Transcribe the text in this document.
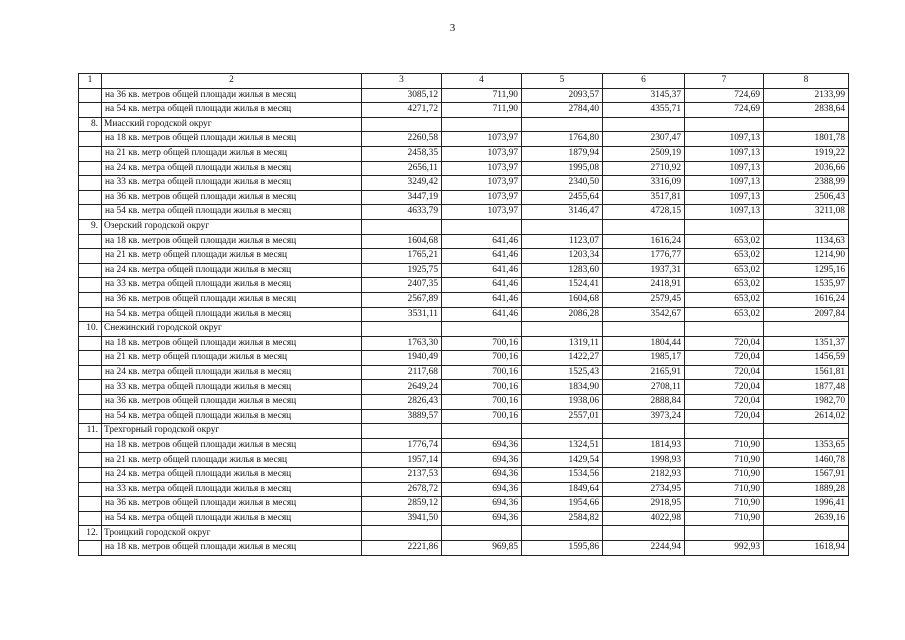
3
1	2	3	4	5	6	7	8
	на 36 кв. метров общей площади жилья в месяц	3085,12	711,90	2093,57	3145,37	724,69	2133,99
	на 54 кв. метра общей площади жилья в месяц	4271,72	711,90	2784,40	4355,71	724,69	2838,64
8.	Миасский городской округ						
	на 18 кв. метров общей площади жилья в месяц	2260,58	1073,97	1764,80	2307,47	1097,13	1801,78
	на 21 кв. метр общей площади жилья в месяц	2458,35	1073,97	1879,94	2509,19	1097,13	1919,22
	на 24 кв. метра общей площади жилья в месяц	2656,11	1073,97	1995,08	2710,92	1097,13	2036,66
	на 33 кв. метра общей площади жилья в месяц	3249,42	1073,97	2340,50	3316,09	1097,13	2388,99
	на 36 кв. метров общей площади жилья в месяц	3447,19	1073,97	2455,64	3517,81	1097,13	2506,43
	на 54 кв. метра общей площади жилья в месяц	4633,79	1073,97	3146,47	4728,15	1097,13	3211,08
9.	Озерский городской округ						
	на 18 кв. метров общей площади жилья в месяц	1604,68	641,46	1123,07	1616,24	653,02	1134,63
	на 21 кв. метр общей площади жилья в месяц	1765,21	641,46	1203,34	1776,77	653,02	1214,90
	на 24 кв. метра общей площади жилья в месяц	1925,75	641,46	1283,60	1937,31	653,02	1295,16
	на 33 кв. метра общей площади жилья в месяц	2407,35	641,46	1524,41	2418,91	653,02	1535,97
	на 36 кв. метров общей площади жилья в месяц	2567,89	641,46	1604,68	2579,45	653,02	1616,24
	на 54 кв. метра общей площади жилья в месяц	3531,11	641,46	2086,28	3542,67	653,02	2097,84
10.	Снежинский городской округ						
	на 18 кв. метров общей площади жилья в месяц	1763,30	700,16	1319,11	1804,44	720,04	1351,37
	на 21 кв. метр общей площади жилья в месяц	1940,49	700,16	1422,27	1985,17	720,04	1456,59
	на 24 кв. метра общей площади жилья в месяц	2117,68	700,16	1525,43	2165,91	720,04	1561,81
	на 33 кв. метра общей площади жилья в месяц	2649,24	700,16	1834,90	2708,11	720,04	1877,48
	на 36 кв. метров общей площади жилья в месяц	2826,43	700,16	1938,06	2888,84	720,04	1982,70
	на 54 кв. метра общей площади жилья в месяц	3889,57	700,16	2557,01	3973,24	720,04	2614,02
11.	Трехгорный городской округ						
	на 18 кв. метров общей площади жилья в месяц	1776,74	694,36	1324,51	1814,93	710,90	1353,65
	на 21 кв. метр общей площади жилья в месяц	1957,14	694,36	1429,54	1998,93	710,90	1460,78
	на 24 кв. метра общей площади жилья в месяц	2137,53	694,36	1534,56	2182,93	710,90	1567,91
	на 33 кв. метра общей площади жилья в месяц	2678,72	694,36	1849,64	2734,95	710,90	1889,28
	на 36 кв. метров общей площади жилья в месяц	2859,12	694,36	1954,66	2918,95	710,90	1996,41
	на 54 кв. метра общей площади жилья в месяц	3941,50	694,36	2584,82	4022,98	710,90	2639,16
12.	Троицкий городской округ						
	на 18 кв. метров общей площади жилья в месяц	2221,86	969,85	1595,86	2244,94	992,93	1618,94
